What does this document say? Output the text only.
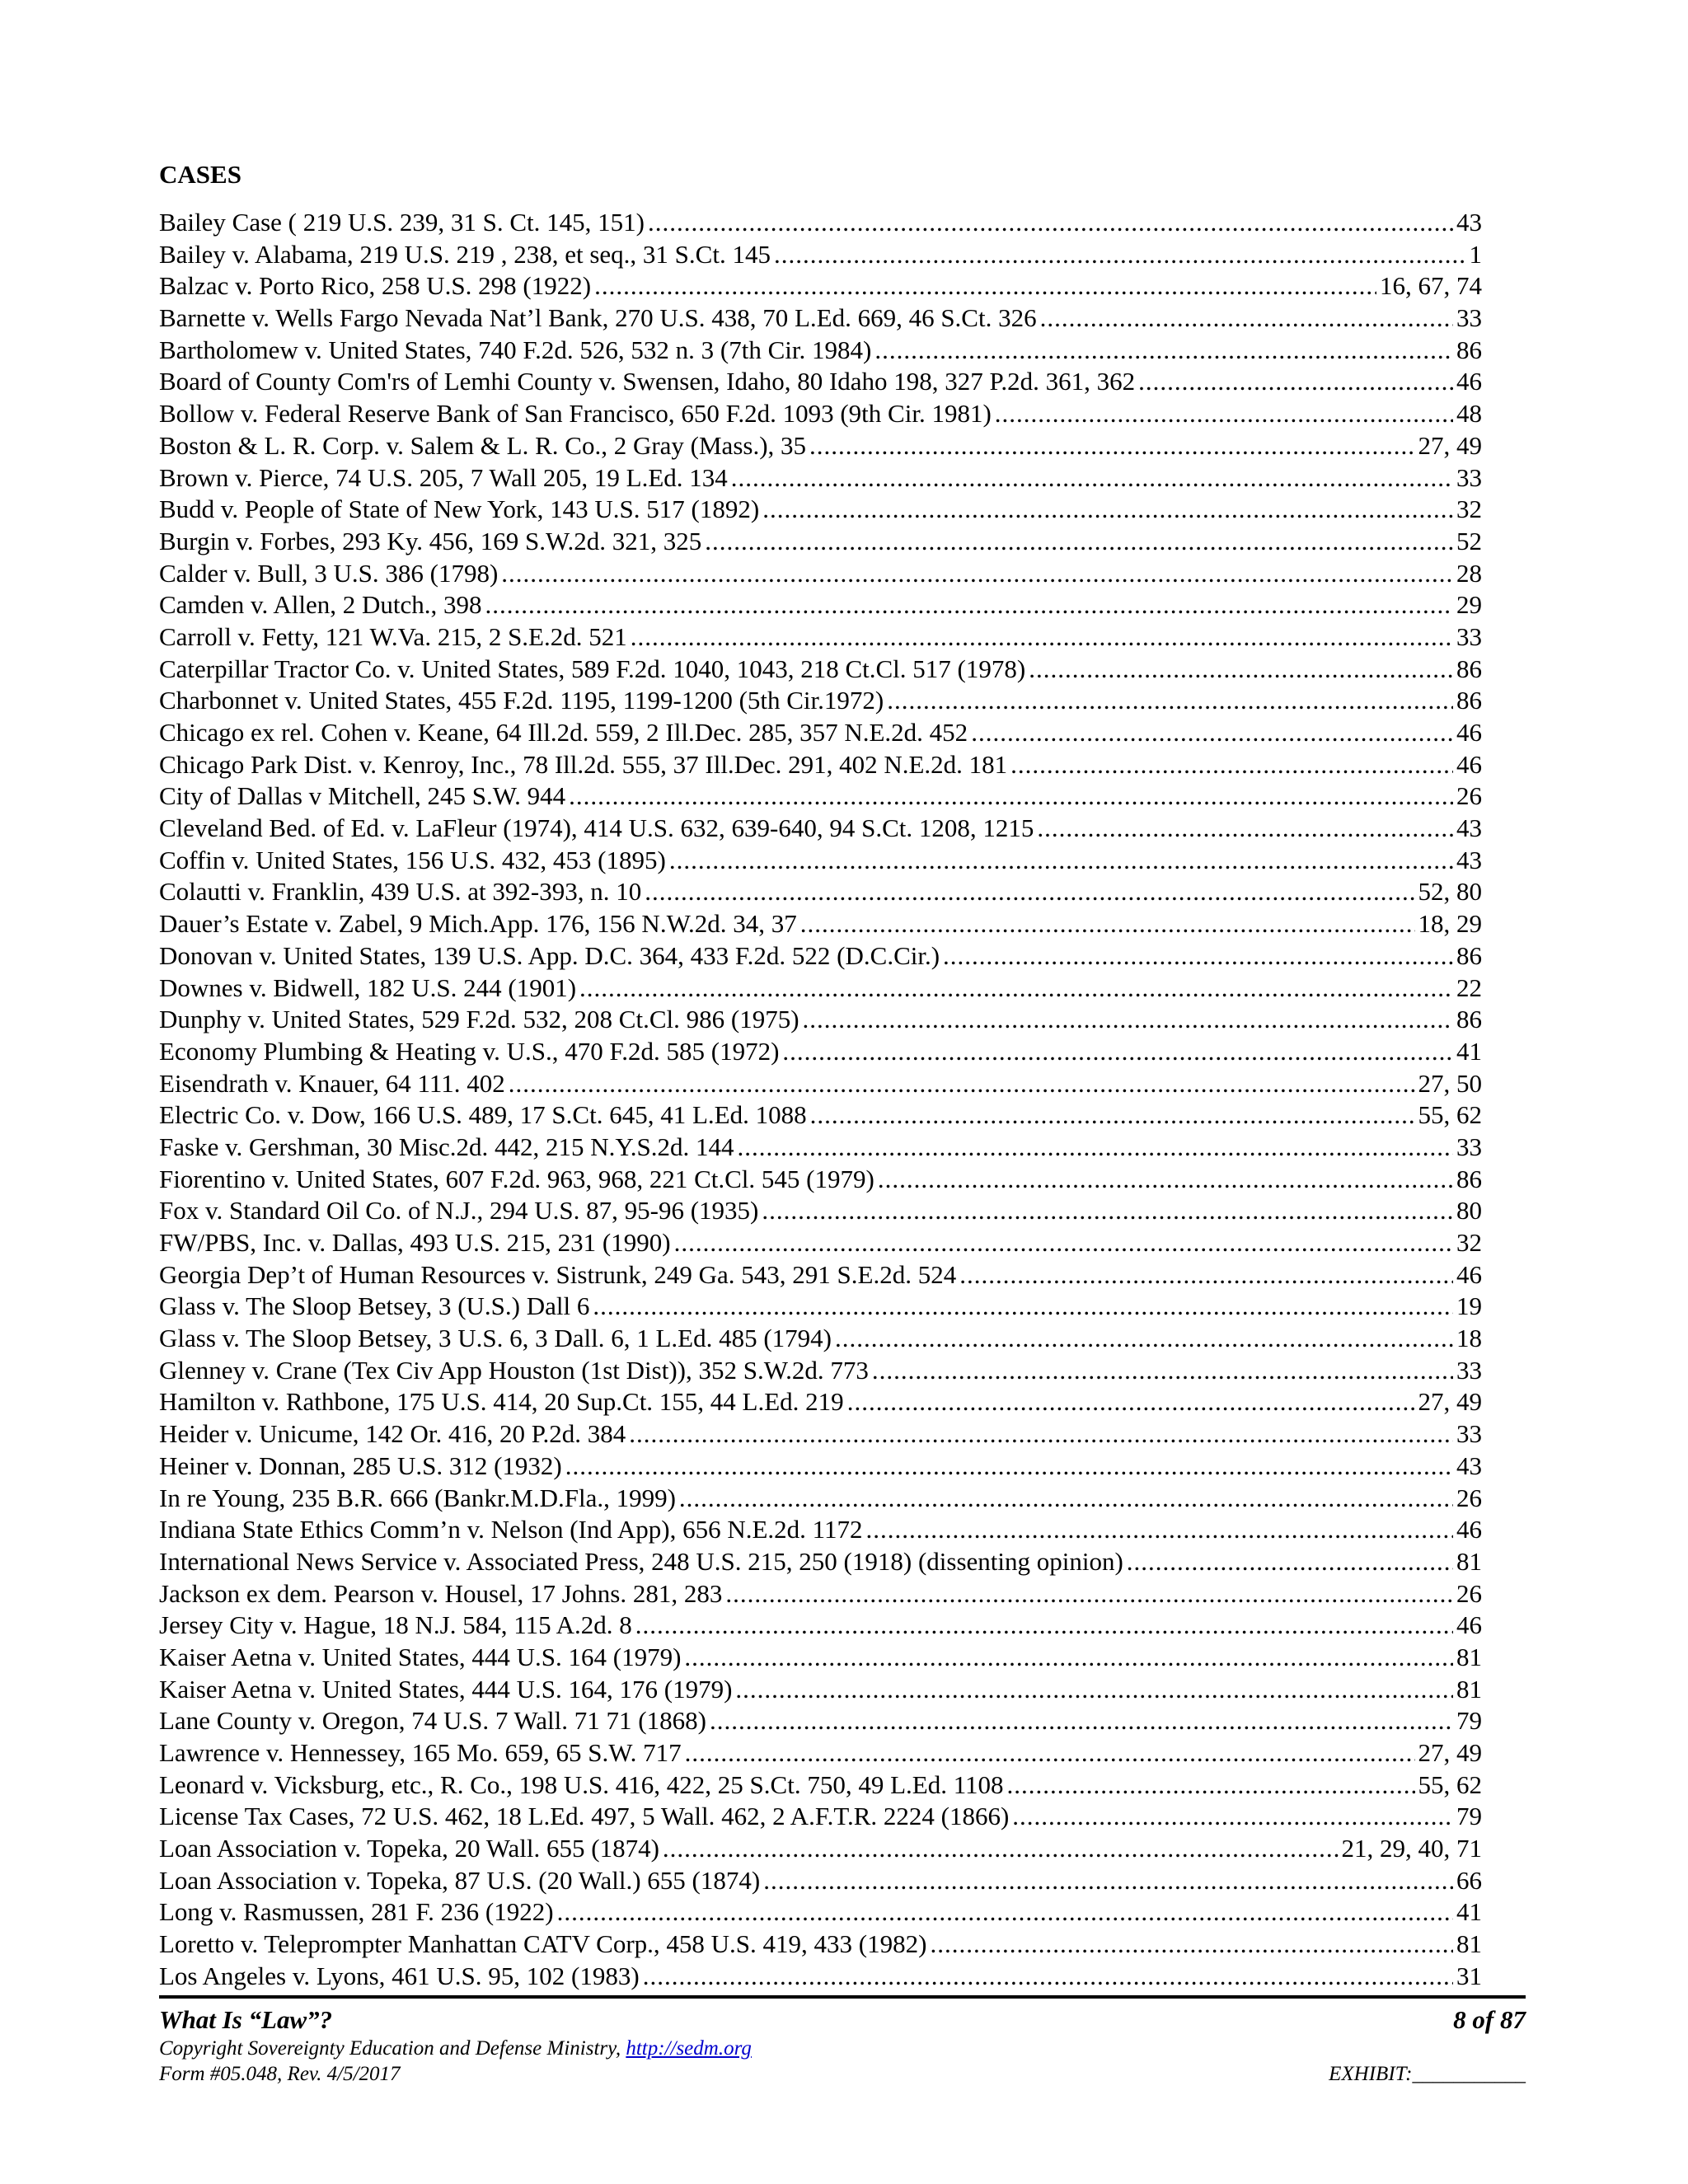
CASES
Bailey Case ( 219 U.S. 239, 31 S. Ct. 145, 151) .....	43
Bailey v. Alabama, 219 U.S. 219 , 238, et seq., 31 S.Ct. 145 .....	1
Balzac v. Porto Rico, 258 U.S. 298 (1922) .....	16, 67, 74
Barnette v. Wells Fargo Nevada Nat’l Bank, 270 U.S. 438, 70 L.Ed. 669, 46 S.Ct. 326 .....	33
Bartholomew v. United States, 740 F.2d. 526, 532 n. 3 (7th Cir. 1984) .....	86
Board of County Com'rs of Lemhi County v. Swensen, Idaho, 80 Idaho 198, 327 P.2d. 361, 362 .....	46
Bollow v. Federal Reserve Bank of San Francisco, 650 F.2d. 1093 (9th Cir. 1981) .....	48
Boston & L. R. Corp. v. Salem & L. R. Co., 2 Gray (Mass.), 35 .....	27, 49
Brown v. Pierce, 74 U.S. 205, 7 Wall 205, 19 L.Ed. 134 .....	33
Budd v. People of State of New York, 143 U.S. 517 (1892) .....	32
Burgin v. Forbes, 293 Ky. 456, 169 S.W.2d. 321, 325 .....	52
Calder v. Bull, 3 U.S. 386 (1798) .....	28
Camden v. Allen, 2 Dutch., 398 .....	29
Carroll v. Fetty, 121 W.Va. 215, 2 S.E.2d. 521 .....	33
Caterpillar Tractor Co. v. United States, 589 F.2d. 1040, 1043, 218 Ct.Cl. 517 (1978) .....	86
Charbonnet v. United States, 455 F.2d. 1195, 1199-1200 (5th Cir.1972) .....	86
Chicago ex rel. Cohen v. Keane, 64 Ill.2d. 559, 2 Ill.Dec. 285, 357 N.E.2d. 452 .....	46
Chicago Park Dist. v. Kenroy, Inc., 78 Ill.2d. 555, 37 Ill.Dec. 291, 402 N.E.2d. 181 .....	46
City of Dallas v Mitchell, 245 S.W. 944 .....	26
Cleveland Bed. of Ed. v. LaFleur (1974), 414 U.S. 632, 639-640, 94 S.Ct. 1208, 1215 .....	43
Coffin v. United States, 156 U.S. 432, 453 (1895) .....	43
Colautti v. Franklin, 439 U.S. at 392-393, n. 10 .....	52, 80
Dauer’s Estate v. Zabel, 9 Mich.App. 176, 156 N.W.2d. 34, 37 .....	18, 29
Donovan v. United States, 139 U.S. App. D.C. 364, 433 F.2d. 522 (D.C.Cir.) .....	86
Downes v. Bidwell, 182 U.S. 244 (1901) .....	22
Dunphy v. United States, 529 F.2d. 532, 208 Ct.Cl. 986 (1975) .....	86
Economy Plumbing & Heating v. U.S., 470 F.2d. 585 (1972) .....	41
Eisendrath v. Knauer, 64 111. 402 .....	27, 50
Electric Co. v. Dow, 166 U.S. 489, 17 S.Ct. 645, 41 L.Ed. 1088 .....	55, 62
Faske v. Gershman, 30 Misc.2d. 442, 215 N.Y.S.2d. 144 .....	33
Fiorentino v. United States, 607 F.2d. 963, 968, 221 Ct.Cl. 545 (1979) .....	86
Fox v. Standard Oil Co. of N.J., 294 U.S. 87, 95-96 (1935) .....	80
FW/PBS, Inc. v. Dallas, 493 U.S. 215, 231 (1990) .....	32
Georgia Dep’t of Human Resources v. Sistrunk, 249 Ga. 543, 291 S.E.2d. 524 .....	46
Glass v. The Sloop Betsey, 3 (U.S.) Dall 6 .....	19
Glass v. The Sloop Betsey, 3 U.S. 6, 3 Dall. 6, 1 L.Ed. 485 (1794) .....	18
Glenney v. Crane (Tex Civ App Houston (1st Dist)), 352 S.W.2d. 773 .....	33
Hamilton v. Rathbone, 175 U.S. 414, 20 Sup.Ct. 155, 44 L.Ed. 219 .....	27, 49
Heider v. Unicume, 142 Or. 416, 20 P.2d. 384 .....	33
Heiner v. Donnan, 285 U.S. 312 (1932) .....	43
In re Young, 235 B.R. 666 (Bankr.M.D.Fla., 1999) .....	26
Indiana State Ethics Comm’n v. Nelson (Ind App), 656 N.E.2d. 1172 .....	46
International News Service v. Associated Press, 248 U.S. 215, 250 (1918) (dissenting opinion) .....	81
Jackson ex dem. Pearson v. Housel, 17 Johns. 281, 283 .....	26
Jersey City v. Hague, 18 N.J. 584, 115 A.2d. 8 .....	46
Kaiser Aetna v. United States, 444 U.S. 164 (1979) .....	81
Kaiser Aetna v. United States, 444 U.S. 164, 176 (1979) .....	81
Lane County v. Oregon, 74 U.S. 7 Wall. 71 71 (1868) .....	79
Lawrence v. Hennessey, 165 Mo. 659, 65 S.W. 717 .....	27, 49
Leonard v. Vicksburg, etc., R. Co., 198 U.S. 416, 422, 25 S.Ct. 750, 49 L.Ed. 1108 .....	55, 62
License Tax Cases, 72 U.S. 462, 18 L.Ed. 497, 5 Wall. 462, 2 A.F.T.R. 2224 (1866) .....	79
Loan Association v. Topeka, 20 Wall. 655 (1874) .....	21, 29, 40, 71
Loan Association v. Topeka, 87 U.S. (20 Wall.) 655 (1874) .....	66
Long v. Rasmussen, 281 F. 236 (1922) .....	41
Loretto v. Teleprompter Manhattan CATV Corp., 458 U.S. 419, 433 (1982) .....	81
Los Angeles v. Lyons, 461 U.S. 95, 102 (1983) .....	31
What Is “Law”?	8 of 87
Copyright Sovereignty Education and Defense Ministry, http://sedm.org
Form #05.048, Rev. 4/5/2017	EXHIBIT:___________
